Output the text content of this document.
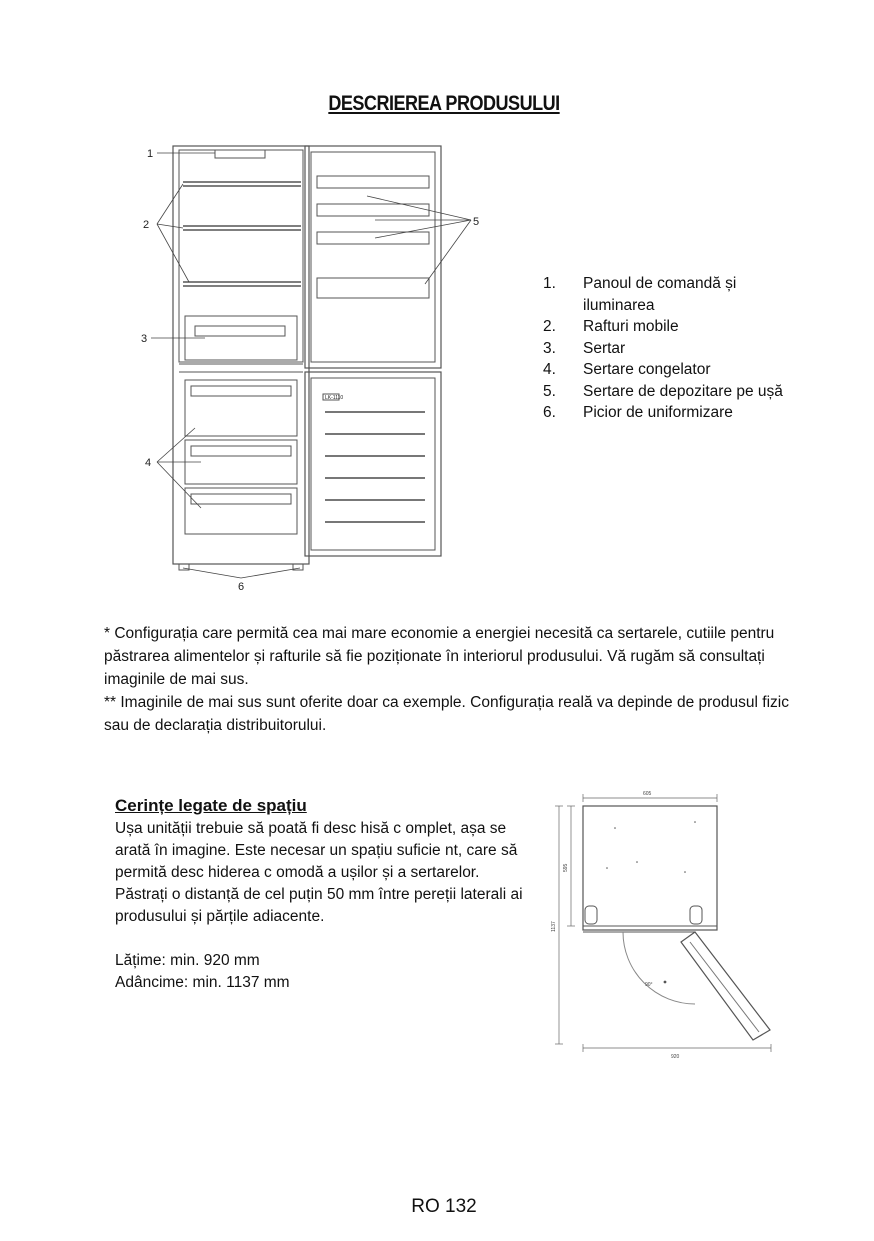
DESCRIEREA PRODUSULUI
1
2
3
4
5
6
LK-1110
1.	Panoul de comandă și iluminarea
2.	Rafturi mobile
3.	Sertar
4.	Sertare congelator
5.	Sertare de depozitare pe ușă
6.	Picior de uniformizare

* Configurația care permită cea mai mare economie a energiei necesită ca sertarele, cutiile pentru păstrarea alimentelor și rafturile să fie poziționate în interiorul produsului. Vă rugăm să consultați imaginile de mai sus.

** Imaginile de mai sus sunt oferite doar ca exemple. Configurația reală va depinde de produsul fizic sau de declarația distribuitorului.

Cerințe legate de spațiu

Ușa unității trebuie să poată fi desc hisă c omplet, așa se arată în imagine. Este necesar un spațiu suficie nt, care să permită desc hiderea c omodă a ușilor și a sertarelor. Păstrați o distanță de cel puțin 50 mm între pereții laterali ai produsului și părțile adiacente.

Lățime: min. 920 mm

Adâncime: min. 1137 mm

605
595
1137
920
90°
RO 132
